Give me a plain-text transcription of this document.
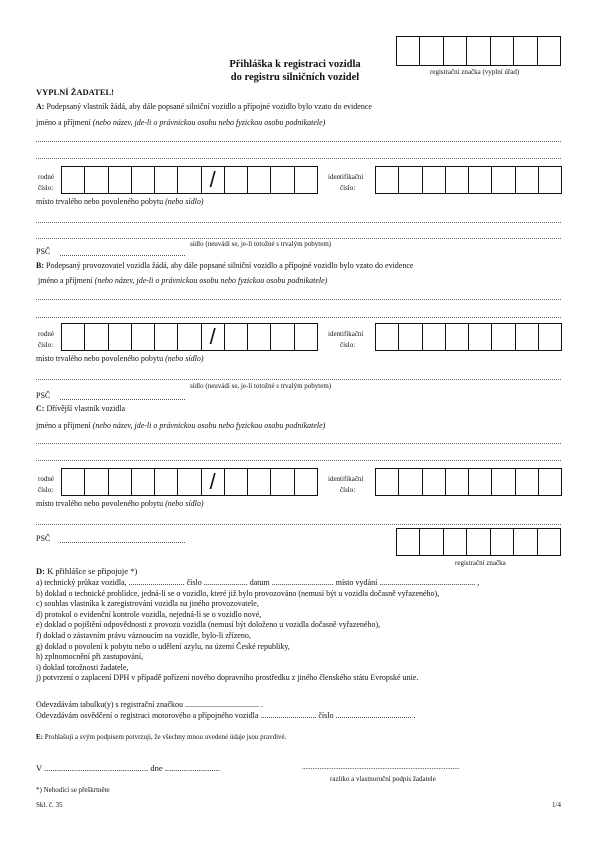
registrační značka (vyplní úřad)
Přihláška k registraci vozidla
do registru silničních vozidel
VYPLNÍ ŽADATEL!
A: Podepsaný vlastník žádá, aby dále popsané silniční vozidlo a přípojné vozidlo bylo vzato do evidence
jméno a příjmení (nebo název, jde-li o právnickou osobu nebo fyzickou osobu podnikatele)
rodné
číslo:	/	identifikační
číslo:
místo trvalého nebo povoleného pobytu (nebo sídlo)
sídlo (neuvádí se, je-li totožné s trvalým pobytem)
PSČ
B: Podepsaný provozovatel vozidla žádá, aby dále popsané silniční vozidlo a přípojné vozidlo bylo vzato do evidence
jméno a příjmení (nebo název, jde-li o právnickou osobu nebo fyzickou osobu podnikatele)
rodné
číslo:	/	identifikační
číslo:
místo trvalého nebo povoleného pobytu (nebo sídlo)
sídlo (neuvádí se, je-li totožné s trvalým pobytem)
PSČ
C: Dřívější vlastník vozidla
jméno a příjmení (nebo název, jde-li o právnickou osobu nebo fyzickou osobu podnikatele)
rodné
číslo:	/	identifikační
číslo:
místo trvalého nebo povoleného pobytu (nebo sídlo)
PSČ
registrační značka
D: K přihlášce se připojuje *)
a) technický průkaz vozidla, ............................ číslo ...................... datum ............................... místo vydání ................................................ ,
b) doklad o technické prohlídce, jedná-li se o vozidlo, které již bylo provozováno (nemusí být u vozidla dočasně vyřazeného),
c) souhlas vlastníka k zaregistrování vozidla na jiného provozovatele,
d) protokol o evidenční kontrole vozidla, nejedná-li se o vozidlo nové,
e) doklad o pojištění odpovědnosti z provozu vozidla (nemusí být doloženo u vozidla dočasně vyřazeného),
f) doklad o zástavním právu váznoucím na vozidle, bylo-li zřízeno,
g) doklad o povolení k pobytu nebo o udělení azylu, na území České republiky,
h) zplnomocnění při zastupování,
i) doklad totožnosti žadatele,
j) potvrzení o zaplacení DPH v případě pořízení nového dopravního prostředku z jiného členského státu Evropské unie.
Odevzdávám tabulku(y) s registrační značkou ..................................... .
Odevzdávám osvědčení o registraci motorového a přípojného vozidla ............................ číslo ...................................... .
E: Prohlašuji a svým podpisem potvrzuji, že všechny mnou uvedené údaje jsou pravdivé.
V ................................................. dne ..........................	..........................................................................................
razítko a vlastnoruční podpis žadatele
*) Nehodící se přeškrtněte
Skl. č. 35	1/4
